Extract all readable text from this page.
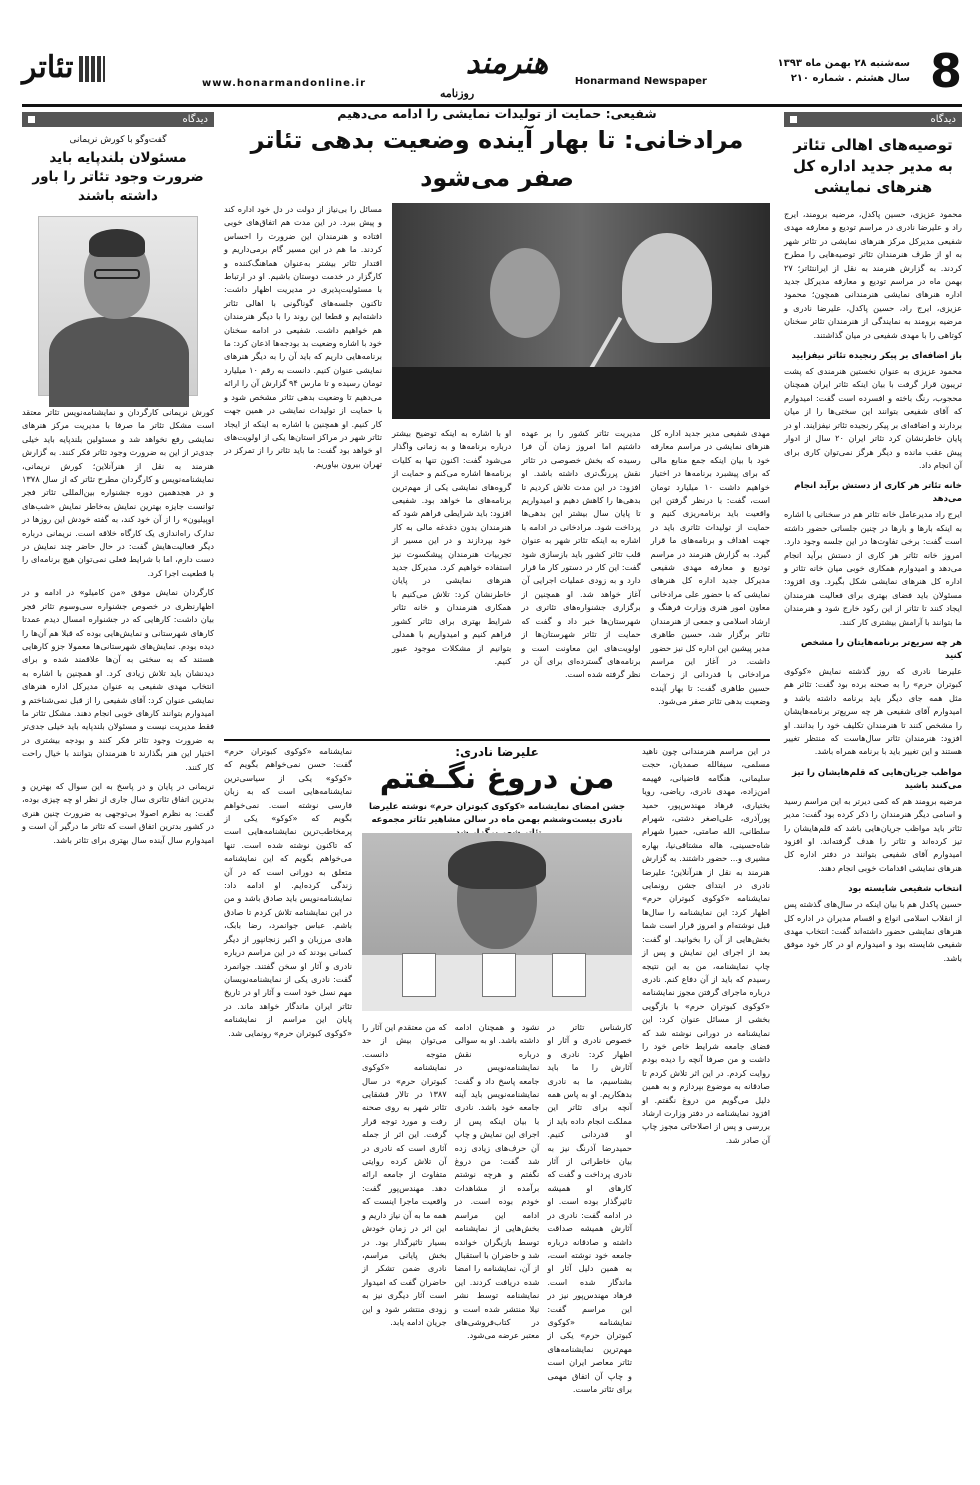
8
سه‌شنبه ۲۸ بهمن ماه ۱۳۹۳
سال هشتم . شماره ۲۱۰
Honarmand Newspaper
هنرمند
روزنامه
www.honarmandonline.ir
تئاتر
دیدگاه
توصیه‌های اهالی تئاتر به مدیر جدید اداره کل هنرهای نمایشی
محمود عزیزی، حسین پاکدل، مرضیه برومند، ایرج راد و علیرضا نادری در مراسم تودیع و معارفه مهدی شفیعی مدیرکل مرکز هنرهای نمایشی در تئاتر شهر به او از طرف هنرمندان تئاتر توصیه‌هایی را مطرح کردند. به گزارش هنرمند به نقل از ایرانتئاتر؛ ۲۷ بهمن ماه در مراسم تودیع و معارفه مدیرکل جدید اداره هنرهای نمایشی هنرمندانی همچون؛ محمود عزیزی، ایرج راد، حسین پاکدل، علیرضا نادری و مرضیه برومند به نمایندگی از هنرمندان تئاتر سخنان کوتاهی را با مهدی شفیعی در میان گذاشتند.
باز اضافه‌ای بر پیکر رنجیده تئاتر نیفزایید
محمود عزیزی به عنوان نخستین هنرمندی که پشت تریبون قرار گرفت با بیان اینکه تئاتر ایران همچنان محجوب، رنگ باخته و افسرده است گفت: امیدوارم که آقای شفیعی بتوانند این سختی‌ها را از میان بردارند و اضافه‌ای بر پیکر رنجیده تئاتر نیفزایند. او در پایان خاطرنشان کرد تئاتر ایران ۲۰ سال از ادوار پیش عقب مانده و دیگر هرگز نمی‌توان کاری برای آن انجام داد.
خانه تئاتر هر کاری از دستش برآید انجام می‌دهد
ایرج راد مدیرعامل خانه تئاتر هم در سخنانی با اشاره به اینکه بارها و بارها در چنین جلساتی حضور داشته است گفت: برخی تفاوت‌ها در این جلسه وجود دارد. امروز خانه تئاتر هر کاری از دستش برآید انجام می‌دهد و امیدوارم همکاری خوبی میان خانه تئاتر و اداره کل هنرهای نمایشی شکل بگیرد. وی افزود: مسئولان باید فضای بهتری برای فعالیت هنرمندان ایجاد کنند تا تئاتر از این رکود خارج شود و هنرمندان ما بتوانند با آرامش بیشتری کار کنند.
هر چه سریع‌تر برنامه‌هایتان را مشخص کنید
علیرضا نادری که روز گذشته نمایش «کوکوی کبوتران حرم» را به صحنه برده بود گفت: تئاتر هم مثل همه جای دیگر باید برنامه داشته باشد و امیدوارم آقای شفیعی هر چه سریع‌تر برنامه‌هایشان را مشخص کنند تا هنرمندان تکلیف خود را بدانند. او افزود: هنرمندان تئاتر سال‌هاست که منتظر تغییر هستند و این تغییر باید با برنامه همراه باشد.
مواظب جریان‌هایی که قلم‌هایشان را تیز می‌کنند باشید
مرضیه برومند هم که کمی دیرتر به این مراسم رسید و اسامی دیگر هنرمندان را ذکر کرده بود گفت: مدیر تئاتر باید مواظب جریان‌هایی باشد که قلم‌هایشان را تیز کرده‌اند و تئاتر را هدف گرفته‌اند. او افزود امیدوارم آقای شفیعی بتوانند در دفتر اداره کل هنرهای نمایشی اقدامات خوبی انجام دهند.
انتخاب شفیعی شایسته بود
حسین پاکدل هم با بیان اینکه در سال‌های گذشته پس از انقلاب اسلامی انواع و اقسام مدیران در اداره کل هنرهای نمایشی حضور داشته‌اند گفت: انتخاب مهدی شفیعی شایسته بود و امیدوارم او در کار خود موفق باشد.
دیدگاه
گفت‌وگو با کورش نریمانی
مسئولان بلندپایه باید ضرورت وجود تئاتر را باور داشته باشند
کورش نریمانی کارگردان و نمایشنامه‌نویس تئاتر معتقد است مشکل تئاتر ما صرفا با مدیریت مرکز هنرهای نمایشی رفع نخواهد شد و مسئولین بلندپایه باید خیلی جدی‌تر از این به ضرورت وجود تئاتر فکر کنند. به گزارش هنرمند به نقل از هنرآنلاین؛ کورش نریمانی، نمایشنامه‌نویس و کارگردان مطرح تئاتر که از سال ۱۳۷۸ و در هجدهمین دوره جشنواره بین‌المللی تئاتر فجر توانست جایزه بهترین نمایش به‌خاطر نمایش «شب‌های اوپیلیون» را از آن خود کند، به گفته خودش این روزها در تدارک راه‌اندازی یک کارگاه خلاقه است. نریمانی درباره دیگر فعالیت‌هایش گفت: در حال حاضر چند نمایش در دست دارم، اما با شرایط فعلی نمی‌توان هیچ برنامه‌ای را با قطعیت اجرا کرد.
کارگردان نمایش موفق «من کامیلو» در ادامه و در اظهارنظری در خصوص جشنواره سی‌وسوم تئاتر فجر بیان داشت: کارهایی که در جشنواره امسال دیدم عمدتا کارهای شهرستانی و نمایش‌هایی بوده که قبلا هم آن‌ها را دیده بودم. نمایش‌های شهرستانی‌ها معمولا جزو کارهایی هستند که به سختی به آن‌ها علاقمند شده و برای دیدنشان باید تلاش زیادی کرد. او همچنین با اشاره به انتخاب مهدی شفیعی به عنوان مدیرکل اداره هنرهای نمایشی عنوان کرد: آقای شفیعی را از قبل نمی‌شناختم و امیدوارم بتوانند کارهای خوبی انجام دهند. مشکل تئاتر ما فقط مدیریت نیست و مسئولان بلندپایه باید خیلی جدی‌تر به ضرورت وجود تئاتر فکر کنند و بودجه بیشتری در اختیار این هنر بگذارند تا هنرمندان بتوانند با خیال راحت کار کنند.
نریمانی در پایان و در پاسخ به این سوال که بهترین و بدترین اتفاق تئاتری سال جاری از نظر او چه چیزی بوده، گفت: به نظرم اصولا بی‌توجهی به ضرورت چنین هنری در کشور بدترین اتفاق است که تئاتر ما درگیر آن است و امیدوارم سال آینده سال بهتری برای تئاتر باشد.
شفیعی: حمایت از تولیدات نمایشی را ادامه می‌دهیم
مرادخانی: تا بهار آینده وضعیت بدهی تئاتر صفر می‌شود
مهدی شفیعی مدیر جدید اداره کل هنرهای نمایشی در مراسم معارفه خود با بیان اینکه جمع منابع مالی که برای پیشبرد برنامه‌ها در اختیار خواهیم داشت ۱۰ میلیارد تومان است، گفت: با درنظر گرفتن این واقعیت باید برنامه‌ریزی کنیم و حمایت از تولیدات تئاتری باید در جهت اهداف و برنامه‌های ما قرار گیرد. به گزارش هنرمند در مراسم تودیع و معارفه مهدی شفیعی مدیرکل جدید اداره کل هنرهای نمایشی که با حضور علی مرادخانی معاون امور هنری وزارت فرهنگ و ارشاد اسلامی و جمعی از هنرمندان تئاتر برگزار شد، حسین طاهری مدیر پیشین این اداره کل نیز حضور داشت. در آغاز این مراسم مرادخانی با قدردانی از زحمات حسین طاهری گفت: تا بهار آینده وضعیت بدهی تئاتر صفر می‌شود.
مدیریت تئاتر کشور را بر عهده داشتیم اما امروز زمان آن فرا رسیده که بخش خصوصی در تئاتر نقش پررنگ‌تری داشته باشد. او افزود: در این مدت تلاش کردیم تا بدهی‌ها را کاهش دهیم و امیدواریم تا پایان سال بیشتر این بدهی‌ها پرداخت شود. مرادخانی در ادامه با اشاره به اینکه تئاتر شهر به عنوان قلب تئاتر کشور باید بازسازی شود گفت: این کار در دستور کار ما قرار دارد و به زودی عملیات اجرایی آن آغاز خواهد شد. او همچنین از برگزاری جشنواره‌های تئاتری در شهرستان‌ها خبر داد و گفت که حمایت از تئاتر شهرستان‌ها از اولویت‌های این معاونت است و برنامه‌های گسترده‌ای برای آن در نظر گرفته شده است.
او با اشاره به اینکه توضیح بیشتر درباره برنامه‌ها و به زمانی واگذار می‌شود گفت: اکنون تنها به کلیات برنامه‌ها اشاره می‌کنم و حمایت از گروه‌های نمایشی یکی از مهم‌ترین برنامه‌های ما خواهد بود. شفیعی افزود: باید شرایطی فراهم شود که هنرمندان بدون دغدغه مالی به کار خود بپردازند و در این مسیر از تجربیات هنرمندان پیشکسوت نیز استفاده خواهیم کرد. مدیرکل جدید هنرهای نمایشی در پایان خاطرنشان کرد: تلاش می‌کنیم با همکاری هنرمندان و خانه تئاتر شرایط بهتری برای تئاتر کشور فراهم کنیم و امیدواریم با همدلی بتوانیم از مشکلات موجود عبور کنیم.
مسائل را بی‌نیاز از دولت در دل خود اداره کند و پیش ببرد. در این مدت هم اتفاق‌های خوبی افتاده و هنرمندان این ضرورت را احساس کردند. ما هم در این مسیر گام برمی‌داریم و اقتدار تئاتر بیشتر به‌عنوان هماهنگ‌کننده و کارگزار در خدمت دوستان باشیم. او در ارتباط با مسئولیت‌پذیری در مدیریت اظهار داشت: تاکنون جلسه‌های گوناگونی با اهالی تئاتر داشته‌ایم و قطعا این روند را با دیگر هنرمندان هم خواهیم داشت. شفیعی در ادامه سخنان خود با اشاره وضعیت بد بودجه‌ها اذعان کرد: ما برنامه‌هایی داریم که باید آن را به دیگر هنرهای نمایشی عنوان کنیم. دانست به رقم ۱۰ میلیارد تومان رسیده و تا مارس ۹۴ گزارش آن را ارائه می‌دهیم تا وضعیت بدهی تئاتر مشخص شود و با حمایت از تولیدات نمایشی در همین جهت کار کنیم. او همچنین با اشاره به اینکه از ایجاد تئاتر شهر در مراکز استان‌ها یکی از اولویت‌های او خواهد بود گفت: ما باید تئاتر را از تمرکز در تهران بیرون بیاوریم.
در این مراسم هنرمندانی چون ناهید مسلمی، سیفالله صمدیان، حجت سلیمانی، هنگامه قاضیانی، فهیمه امن‌زاده، مهدی نادری، ریاضی، رویا بختیاری، فرهاد مهندس‌پور، حمید پورآذری، علی‌اصغر دشتی، شهرام سلطانی، الله صامتی، حمیرا شهرام شاه‌حسینی، هاله مشتاقی‌نیا، بهاره مشیری و... حضور داشتند. به گزارش هنرمند به نقل از هنرآنلاین؛ علیرضا نادری در ابتدای جشن رونمایی نمایشنامه «کوکوی کبوتران حرم» اظهار کرد: این نمایشنامه را سال‌ها قبل نوشته‌ام و امروز قرار است شما بخش‌هایی از آن را بخوانید. او گفت: بعد از اجرای این نمایش و پس از چاپ نمایشنامه، من به این نتیجه رسیدم که باید از آن دفاع کنم. نادری درباره ماجرای گرفتن مجوز نمایشنامه «کوکوی کبوتران حرم» با بازگویی بخشی از مسائل عنوان کرد: این نمایشنامه در دورانی نوشته شد که فضای جامعه شرایط خاص خود را داشت و من صرفا آنچه را دیده بودم روایت کردم. در این اثر تلاش کردم تا صادقانه به موضوع بپردازم و به همین دلیل می‌گویم من دروغ نگفتم. او افزود نمایشنامه در دفتر وزارت ارشاد بررسی و پس از اصلاحاتی مجوز چاپ آن صادر شد.
علیرضا نادری:
من دروغ نگـفتم
جشن امضای نمایشنامه «کوکوی کبوتران حرم» نوشته علیرضا نادری بیست‌وششم بهمن ماه در سالن مشاهیر تئاتر مجموعه
کارشناس تئاتر در خصوص نادری و آثار او اظهار کرد: نادری و آثارش را ما باید بشناسیم، ما به نادری بدهکاریم. او به پاس همه آنچه برای تئاتر این مملکت انجام داده باید از او قدردانی کنیم. حمیدرضا آذرنگ نیز به بیان خاطراتی از آثار نادری پرداخت و گفت که کارهای او همیشه تاثیرگذار بوده است. او در ادامه گفت: نادری در آثارش همیشه صداقت داشته و صادقانه درباره جامعه خود نوشته است، به همین دلیل آثار او ماندگار شده است. فرهاد مهندس‌پور نیز در این مراسم گفت: نمایشنامه «کوکوی کبوتران حرم» یکی از مهم‌ترین نمایشنامه‌های تئاتر معاصر ایران است و چاپ آن اتفاق مهمی برای تئاتر ماست.
نشود و همچنان ادامه داشته باشد. او به سوالی درباره نقش نمایشنامه‌نویس در جامعه پاسخ داد و گفت: نمایشنامه‌نویس باید آینه جامعه خود باشد. نادری با بیان اینکه پس از اجرای این نمایش و چاپ آن حرف‌های زیادی زده شد گفت: من دروغ نگفتم و هرچه نوشتم برآمده از مشاهدات خودم بوده است. در ادامه این مراسم بخش‌هایی از نمایشنامه توسط بازیگران خوانده شد و حاضران با استقبال از آن، نمایشنامه را امضا شده دریافت کردند. این نمایشنامه توسط نشر نیلا منتشر شده است و در کتاب‌فروشی‌های معتبر عرضه می‌شود.
که من معتقدم این آثار را می‌توان بیش از حد متوجه دانست. نمایشنامه «کوکوی کبوتران حرم» در سال ۱۳۸۷ در تالار قشقایی تئاتر شهر به روی صحنه رفت و مورد توجه قرار گرفت. این اثر از جمله آثاری است که نادری در آن تلاش کرده روایتی متفاوت از جامعه ارائه دهد. مهندس‌پور گفت: واقعیت ماجرا اینست که همه ما به آن نیاز داریم و این اثر در زمان خودش بسیار تاثیرگذار بود. در بخش پایانی مراسم، نادری ضمن تشکر از حاضران گفت که امیدوار است آثار دیگری نیز به زودی منتشر شود و این جریان ادامه یابد.
نمایشنامه «کوکوی کبوتران حرم» گفت: حسن نمی‌خواهم بگویم که «کوکو» یکی از سیاسی‌ترین نمایشنامه‌هایی است که به زبان فارسی نوشته است. نمی‌خواهم بگویم که «کوکو» یکی از پرمخاطب‌ترین نمایشنامه‌هایی است که تاکنون نوشته شده است. تنها می‌خواهم بگویم که این نمایشنامه متعلق به دورانی است که در آن زندگی کرده‌ایم. او ادامه داد: نمایشنامه‌نویس باید صادق باشد و من در این نمایشنامه تلاش کردم تا صادق باشم. عباس جوانمرد، رضا بابک، هادی مرزبان و اکبر زنجانپور از دیگر کسانی بودند که در این مراسم درباره نادری و آثار او سخن گفتند. جوانمرد گفت: نادری یکی از نمایشنامه‌نویسان مهم نسل خود است و آثار او در تاریخ تئاتر ایران ماندگار خواهد ماند. در پایان این مراسم از نمایشنامه «کوکوی کبوتران حرم» رونمایی شد.
